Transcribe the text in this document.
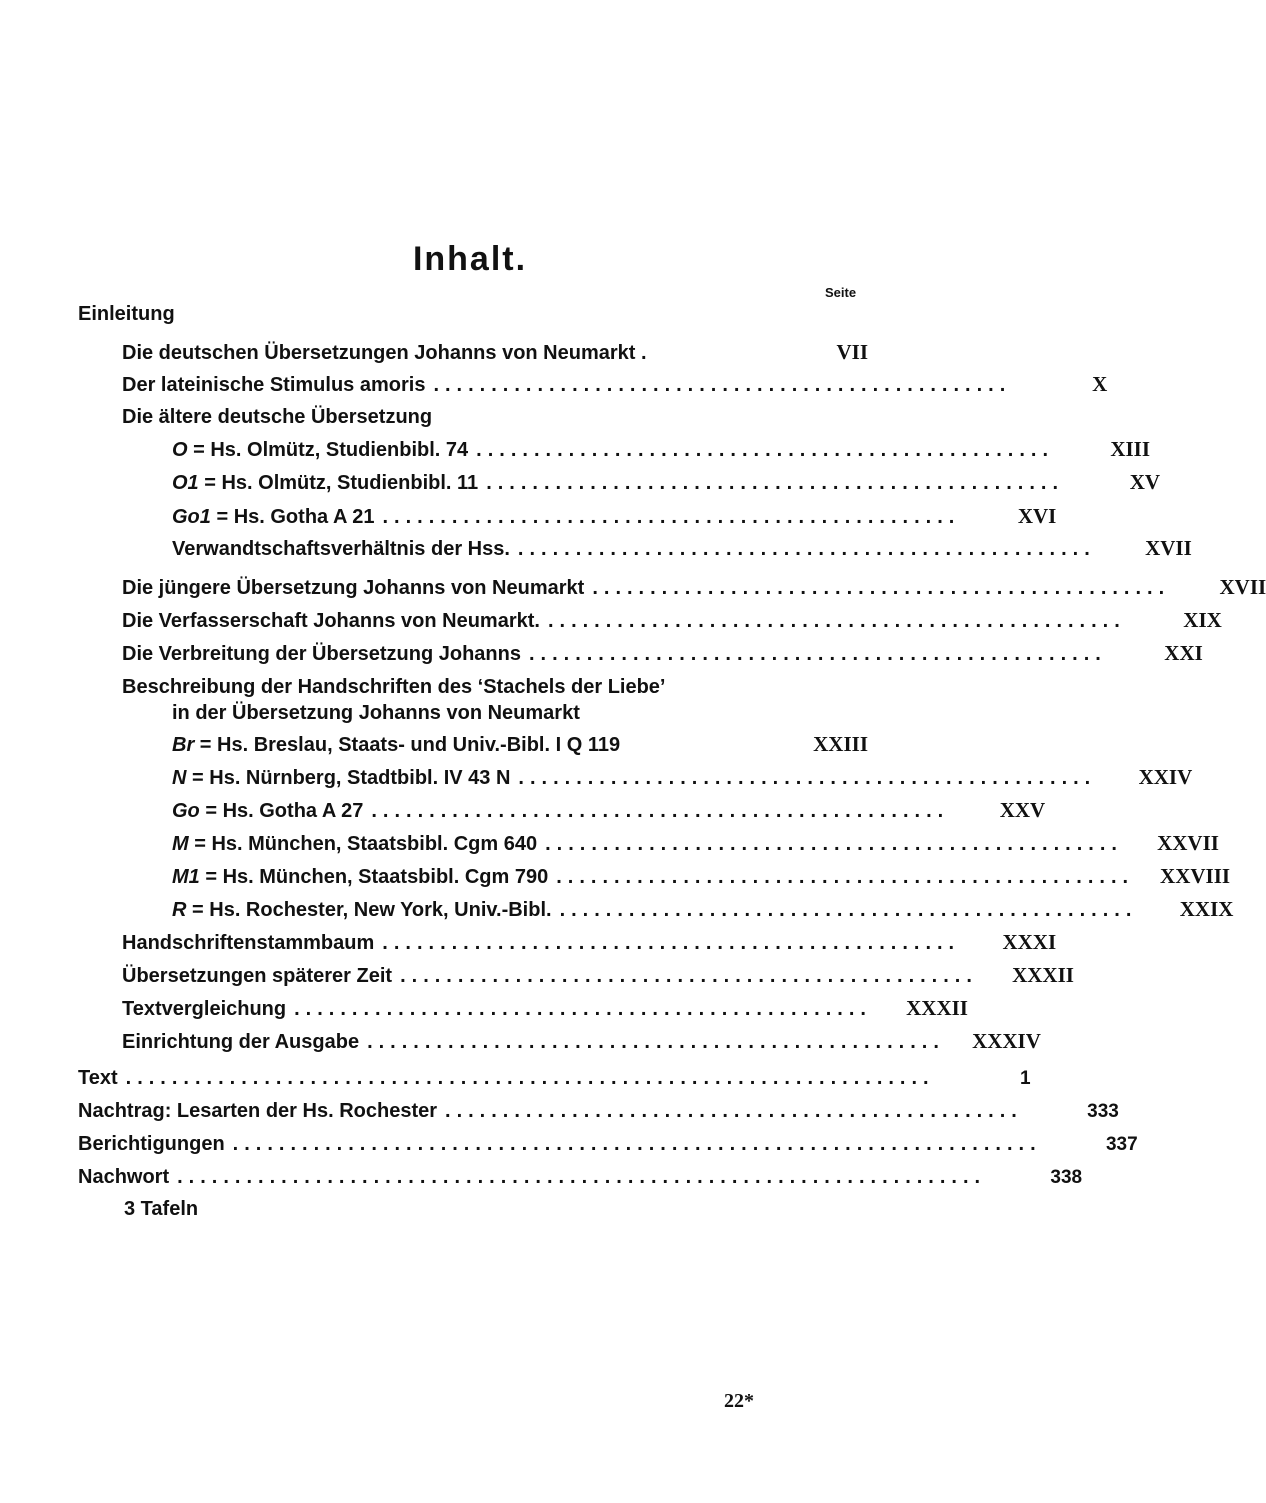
Inhalt.
Seite
Einleitung
Die deutschen Übersetzungen Johanns von Neumarkt .	VII
Der lateinische Stimulus amoris ..................................................	X
Die ältere deutsche Übersetzung
O = Hs. Olmütz, Studienbibl. 74 ..................................................	XIII
O1 = Hs. Olmütz, Studienbibl. 11 ..................................................	XV
Go1 = Hs. Gotha A 21 ..................................................	XVI
Verwandtschaftsverhältnis der Hss. ..................................................	XVII
Die jüngere Übersetzung Johanns von Neumarkt ..................................................	XVII
Die Verfasserschaft Johanns von Neumarkt. ..................................................	XIX
Die Verbreitung der Übersetzung Johanns ..................................................	XXI
Beschreibung der Handschriften des ‘Stachels der Liebe’
in der Übersetzung Johanns von Neumarkt
Br = Hs. Breslau, Staats- und Univ.-Bibl. I Q 119	XXIII
N = Hs. Nürnberg, Stadtbibl. IV 43 N ..................................................	XXIV
Go = Hs. Gotha A 27 ..................................................	XXV
M = Hs. München, Staatsbibl. Cgm 640 ..................................................	XXVII
M1 = Hs. München, Staatsbibl. Cgm 790 ..................................................	XXVIII
R = Hs. Rochester, New York, Univ.-Bibl. ..................................................	XXIX
Handschriftenstammbaum ..................................................	XXXI
Übersetzungen späterer Zeit ..................................................	XXXII
Textvergleichung ..................................................	XXXII
Einrichtung der Ausgabe ..................................................	XXXIV
Text ......................................................................	1
Nachtrag: Lesarten der Hs. Rochester ..................................................	333
Berichtigungen ......................................................................	337
Nachwort ......................................................................	338
3 Tafeln
22*
